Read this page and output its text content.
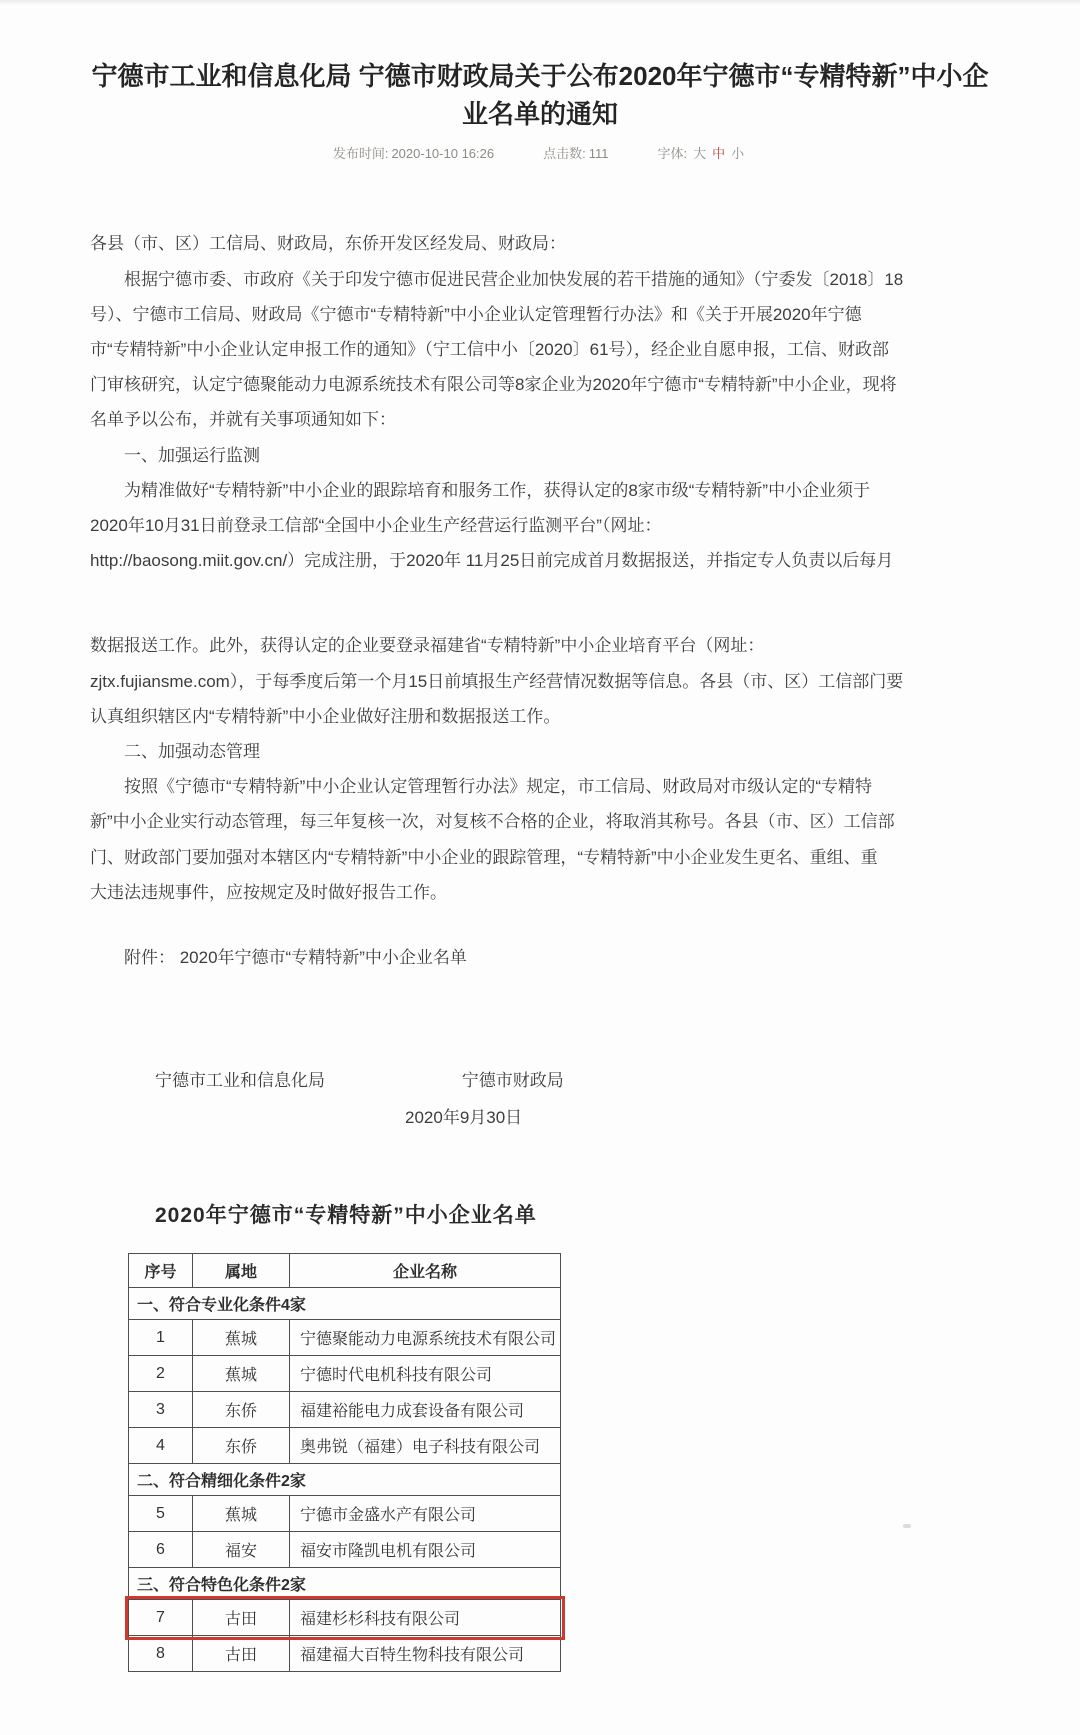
宁德市工业和信息化局 宁德市财政局关于公布2020年宁德市“专精特新”中小企业名单的通知
发布时间: 2020-10-10 16:26	点击数: 111	字体: 大 中 小
各县（市、区）工信局、财政局，东侨开发区经发局、财政局：
根据宁德市委、市政府《关于印发宁德市促进民营企业加快发展的若干措施的通知》（宁委发〔2018〕18
号）、宁德市工信局、财政局《宁德市“专精特新”中小企业认定管理暂行办法》和《关于开展2020年宁德
市“专精特新”中小企业认定申报工作的通知》（宁工信中小〔2020〕61号），经企业自愿申报，工信、财政部
门审核研究，认定宁德聚能动力电源系统技术有限公司等8家企业为2020年宁德市“专精特新”中小企业，现将
名单予以公布，并就有关事项通知如下：
一、加强运行监测
为精准做好“专精特新”中小企业的跟踪培育和服务工作，获得认定的8家市级“专精特新”中小企业须于
2020年10月31日前登录工信部“全国中小企业生产经营运行监测平台”（网址：
http://baosong.miit.gov.cn/）完成注册，于2020年 11月25日前完成首月数据报送，并指定专人负责以后每月
数据报送工作。此外，获得认定的企业要登录福建省“专精特新”中小企业培育平台（网址：
zjtx.fujiansme.com），于每季度后第一个月15日前填报生产经营情况数据等信息。各县（市、区）工信部门要
认真组织辖区内“专精特新”中小企业做好注册和数据报送工作。
二、加强动态管理
按照《宁德市“专精特新”中小企业认定管理暂行办法》规定，市工信局、财政局对市级认定的“专精特
新”中小企业实行动态管理，每三年复核一次，对复核不合格的企业，将取消其称号。各县（市、区）工信部
门、财政部门要加强对本辖区内“专精特新”中小企业的跟踪管理，“专精特新”中小企业发生更名、重组、重
大违法违规事件，应按规定及时做好报告工作。
附件： 2020年宁德市“专精特新”中小企业名单
宁德市工业和信息化局	宁德市财政局
2020年9月30日
2020年宁德市“专精特新”中小企业名单
序号	属地	企业名称
一、符合专业化条件4家		
1	蕉城	宁德聚能动力电源系统技术有限公司
2	蕉城	宁德时代电机科技有限公司
3	东侨	福建裕能电力成套设备有限公司
4	东侨	奥弗锐（福建）电子科技有限公司
二、符合精细化条件2家		
5	蕉城	宁德市金盛水产有限公司
6	福安	福安市隆凯电机有限公司
三、符合特色化条件2家		
7	古田	福建杉杉科技有限公司
8	古田	福建福大百特生物科技有限公司
